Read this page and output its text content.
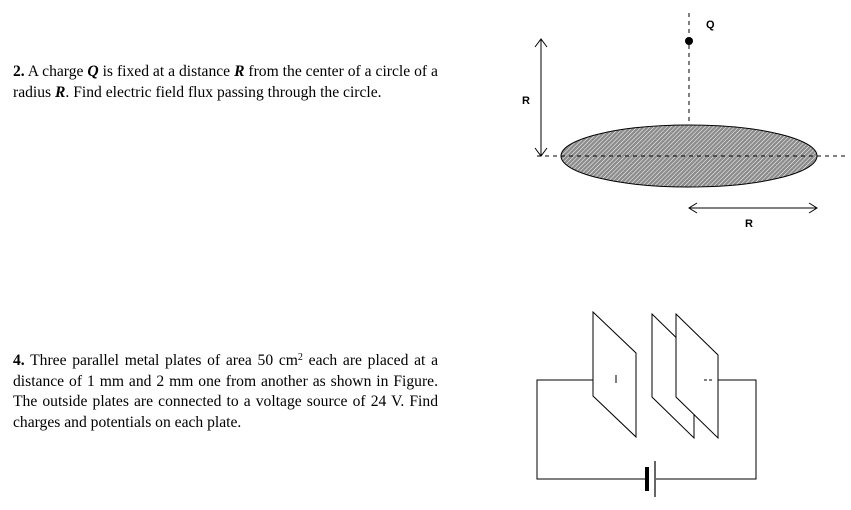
2. A charge Q is fixed at a distance R from the center of a circle of a radius R. Find electric field flux passing through the circle.
4. Three parallel metal plates of area 50 $cm^2$ each are placed at a distance of 1 mm and 2 mm one from another as shown in Figure. The outside plates are connected to a voltage source of 24 V. Find charges and potentials on each plate.
Q
R
R
